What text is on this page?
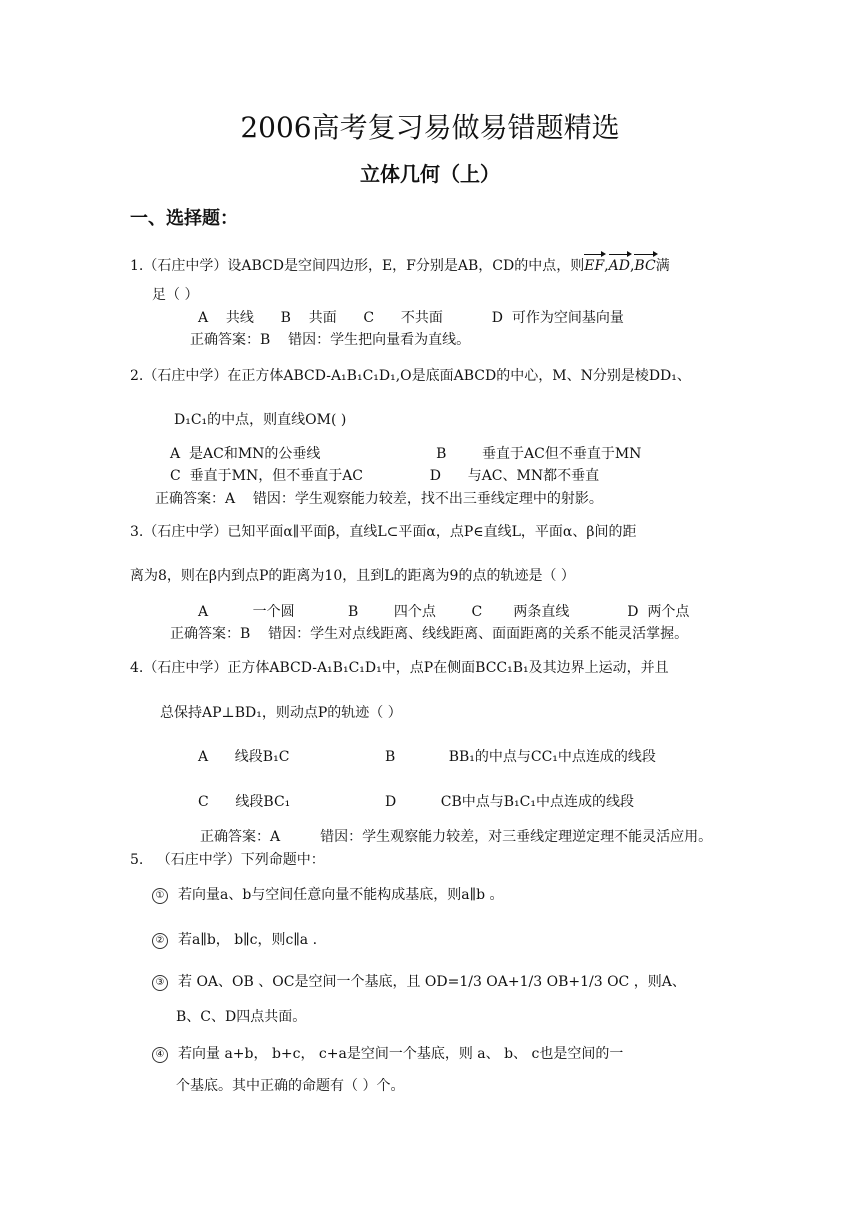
2006高考复习易做易错题精选
立体几何（上）
一、选择题：
1.（石庄中学）设ABCD是空间四边形，E，F分别是AB，CD的中点，则EF,AD,BC满
足（ ）
A    共线      B    共面      C      不共面           D  可作为空间基向量
正确答案：B    错因：学生把向量看为直线。
2.（石庄中学）在正方体ABCD-A₁B₁C₁D₁,O是底面ABCD的中心，M、N分别是棱DD₁、
D₁C₁的中点，则直线OM( )
A  是AC和MN的公垂线                          B        垂直于AC但不垂直于MN
C  垂直于MN，但不垂直于AC               D      与AC、MN都不垂直
正确答案：A    错因：学生观察能力较差，找不出三垂线定理中的射影。
3.（石庄中学）已知平面α∥平面β，直线L⊂平面α，点P∈直线L，平面α、β间的距
离为8，则在β内到点P的距离为10，且到L的距离为9的点的轨迹是（ ）
A          一个圆            B        四个点        C       两条直线             D  两个点
正确答案：B    错因：学生对点线距离、线线距离、面面距离的关系不能灵活掌握。
4.（石庄中学）正方体ABCD-A₁B₁C₁D₁中，点P在侧面BCC₁B₁及其边界上运动，并且
总保持AP⊥BD₁，则动点P的轨迹（ ）
A      线段B₁C	B            BB₁的中点与CC₁中点连成的线段
C      线段BC₁	D          CB中点与B₁C₁中点连成的线段
正确答案：A         错因：学生观察能力较差，对三垂线定理逆定理不能灵活应用。
5.   （石庄中学）下列命题中：
① 若向量a、b与空间任意向量不能构成基底，则a∥b 。
② 若a∥b， b∥c，则c∥a .
③ 若 OA、OB 、OC是空间一个基底，且 OD=1/3 OA+1/3 OB+1/3 OC ，则A、
B、C、D四点共面。
④ 若向量 a+b， b+c， c+a是空间一个基底，则 a、 b、 c也是空间的一
个基底。其中正确的命题有（ ）个。
